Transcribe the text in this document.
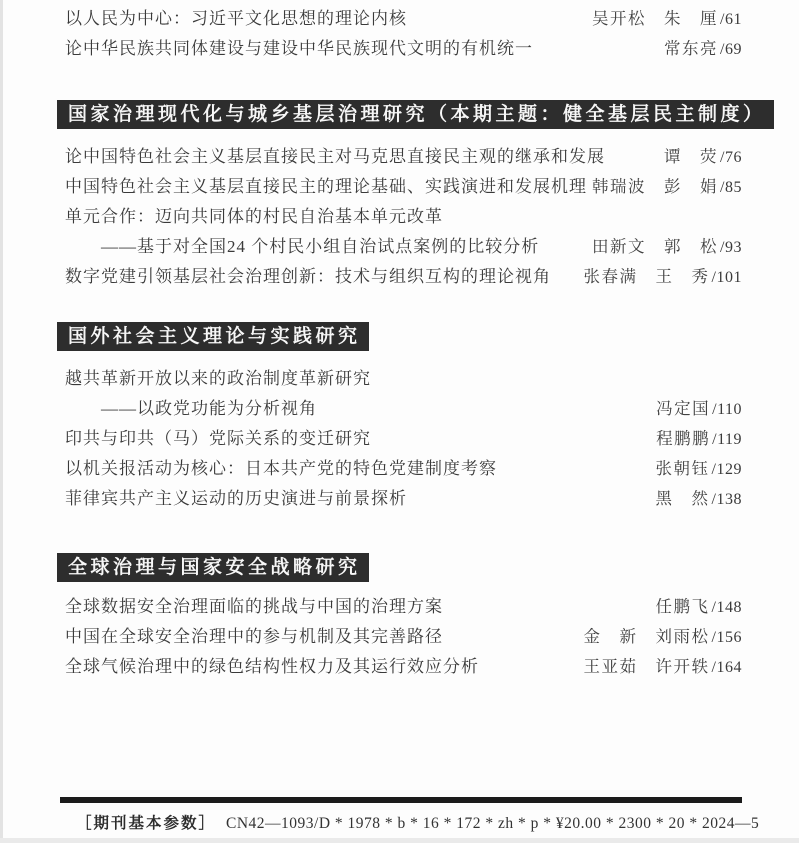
以人民为中心：习近平文化思想的理论内核	吴开松　朱　厘 /61
论中华民族共同体建设与建设中华民族现代文明的有机统一	常东亮 /69
国家治理现代化与城乡基层治理研究（本期主题：健全基层民主制度）
论中国特色社会主义基层直接民主对马克思直接民主观的继承和发展	谭　荧 /76
中国特色社会主义基层直接民主的理论基础、实践演进和发展机理 韩瑞波　彭　娟 /85
单元合作：迈向共同体的村民自治基本单元改革
——基于对全国24 个村民小组自治试点案例的比较分析	田新文　郭　松 /93
数字党建引领基层社会治理创新：技术与组织互构的理论视角 张春满　王　秀 /101
国外社会主义理论与实践研究
越共革新开放以来的政治制度革新研究
——以政党功能为分析视角	冯定国 /110
印共与印共（马）党际关系的变迁研究	程鹏鹏 /119
以机关报活动为核心：日本共产党的特色党建制度考察	张朝钰 /129
菲律宾共产主义运动的历史演进与前景探析	黑　然 /138
全球治理与国家安全战略研究
全球数据安全治理面临的挑战与中国的治理方案	任鹏飞 /148
中国在全球安全治理中的参与机制及其完善路径	金　新　刘雨松 /156
全球气候治理中的绿色结构性权力及其运行效应分析	王亚茹　许开轶 /164
［期刊基本参数］ CN42—1093/D * 1978 * b * 16 * 172 * zh * p * ¥20.00 * 2300 * 20 * 2024—5
